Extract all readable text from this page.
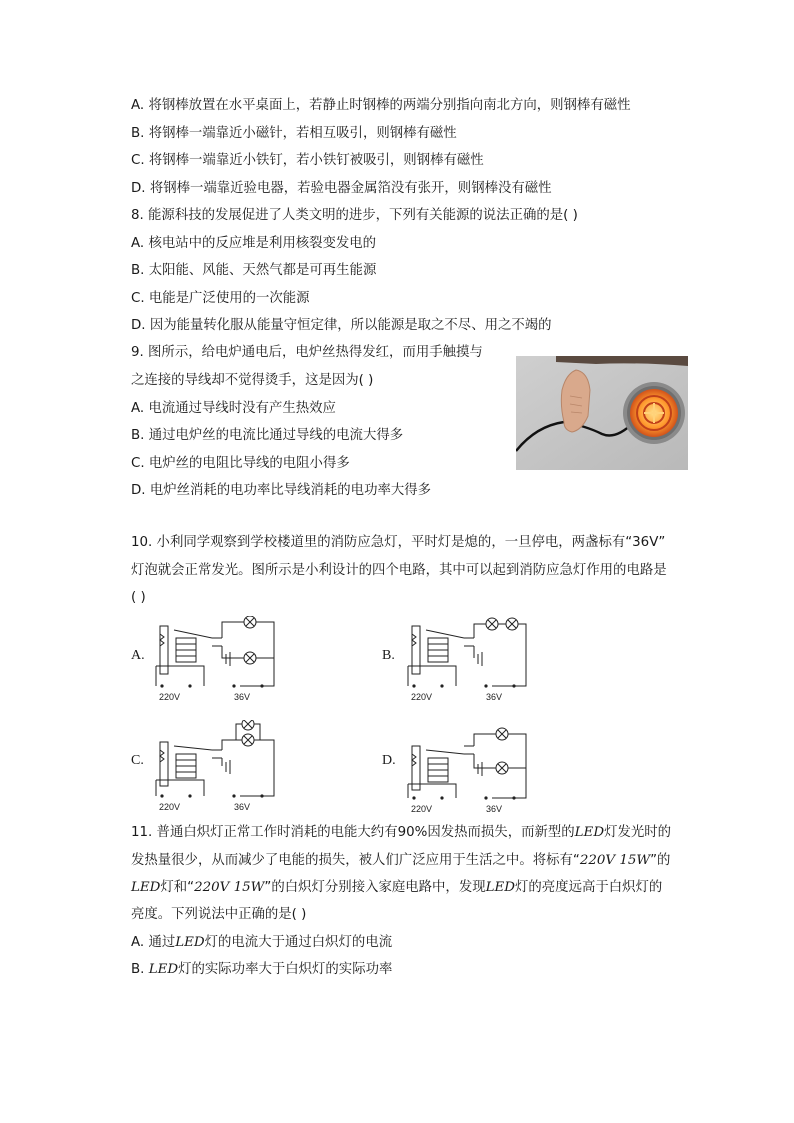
A. 将钢棒放置在水平桌面上，若静止时钢棒的两端分别指向南北方向，则钢棒有磁性
B. 将钢棒一端靠近小磁针，若相互吸引，则钢棒有磁性
C. 将钢棒一端靠近小铁钉，若小铁钉被吸引，则钢棒有磁性
D. 将钢棒一端靠近验电器，若验电器金属箔没有张开，则钢棒没有磁性
8. 能源科技的发展促进了人类文明的进步，下列有关能源的说法正确的是( )
A. 核电站中的反应堆是利用核裂变发电的
B. 太阳能、风能、天然气都是可再生能源
C. 电能是广泛使用的一次能源
D. 因为能量转化服从能量守恒定律，所以能源是取之不尽、用之不竭的
9. 图所示，给电炉通电后，电炉丝热得发红，而用手触摸与
之连接的导线却不觉得烫手，这是因为( )
A. 电流通过导线时没有产生热效应
B. 通过电炉丝的电流比通过导线的电流大得多
C. 电炉丝的电阻比导线的电阻小得多
D. 电炉丝消耗的电功率比导线消耗的电功率大得多
10. 小利同学观察到学校楼道里的消防应急灯，平时灯是熄的，一旦停电，两盏标有“36V”
灯泡就会正常发光。图所示是小利设计的四个电路，其中可以起到消防应急灯作用的电路是
( )
A.	B.
C.	D.
220V	36V	220V	36V
220V	36V	220V	36V
11. 普通白炽灯正常工作时消耗的电能大约有90%因发热而损失，而新型的LED灯发光时的
发热量很少，从而减少了电能的损失，被人们广泛应用于生活之中。将标有“220V 15W”的
LED灯和“220V 15W”的白炽灯分别接入家庭电路中，发现LED灯的亮度远高于白炽灯的
亮度。下列说法中正确的是( )
A. 通过LED灯的电流大于通过白炽灯的电流
B. LED灯的实际功率大于白炽灯的实际功率
